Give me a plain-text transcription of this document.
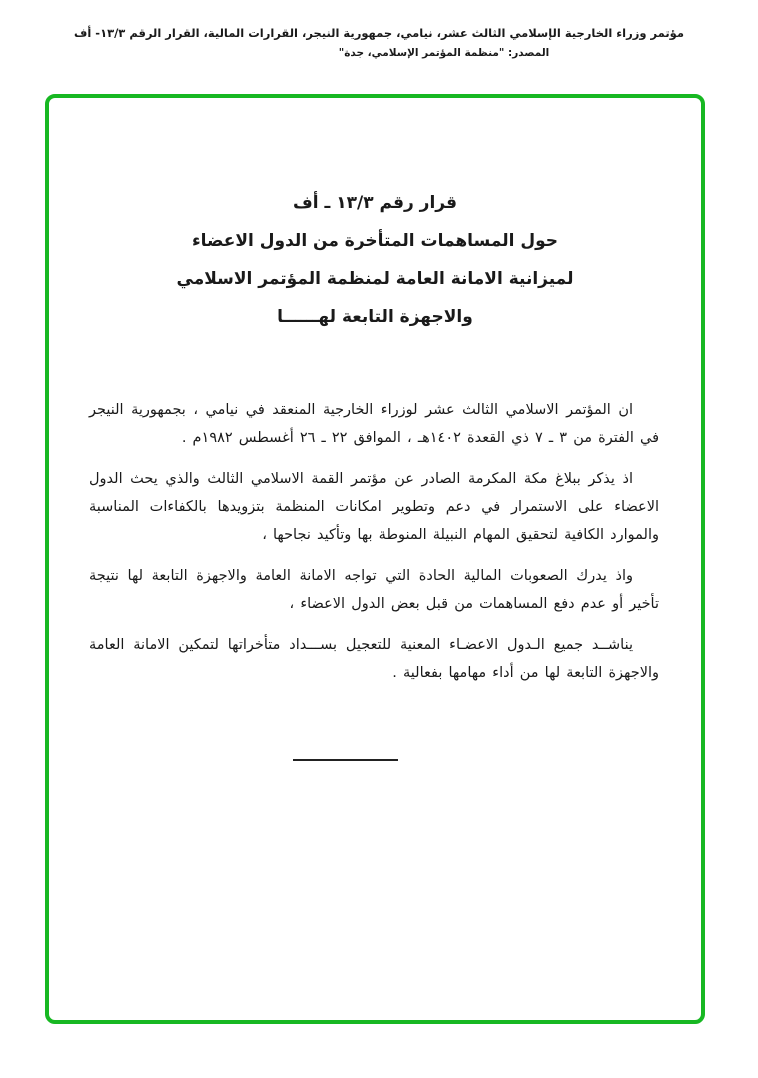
مؤتمر وزراء الخارجية الإسلامي الثالث عشر، نيامي، جمهورية النيجر، القرارات المالية، القرار الرقم ١٣/٣- أف
المصدر: "منظمة المؤتمر الإسلامي، جدة"
قرار رقم ١٣/٣ ـ أف
حول المساهمات المتأخرة من الدول الاعضاء
لميزانية الامانة العامة لمنظمة المؤتمر الاسلامي
والاجهزة التابعة لهــــــا
ان المؤتمر الاسلامي الثالث عشر لوزراء الخارجية المنعقد في نيامي ، بجمهورية النيجر في الفترة من ٣ ـ ٧ ذي القعدة ١٤٠٢هـ ، الموافق ٢٢ ـ ٢٦ أغسطس ١٩٨٢م .
اذ يذكر ببلاغ مكة المكرمة الصادر عن مؤتمر القمة الاسلامي الثالث والذي يحث الدول الاعضاء على الاستمرار في دعم وتطوير امكانات المنظمة بتزويدها بالكفاءات المناسبة والموارد الكافية لتحقيق المهام النبيلة المنوطة بها وتأكيد نجاحها ،
واذ يدرك الصعوبات المالية الحادة التي تواجه الامانة العامة والاجهزة التابعة لها نتيجة تأخير أو عدم دفع المساهمات من قبل بعض الدول الاعضاء ،
يناشــد جميع الـدول الاعضـاء المعنية للتعجيل بســـداد متأخراتها لتمكين الامانة العامة والاجهزة التابعة لها من أداء مهامها بفعالية .
